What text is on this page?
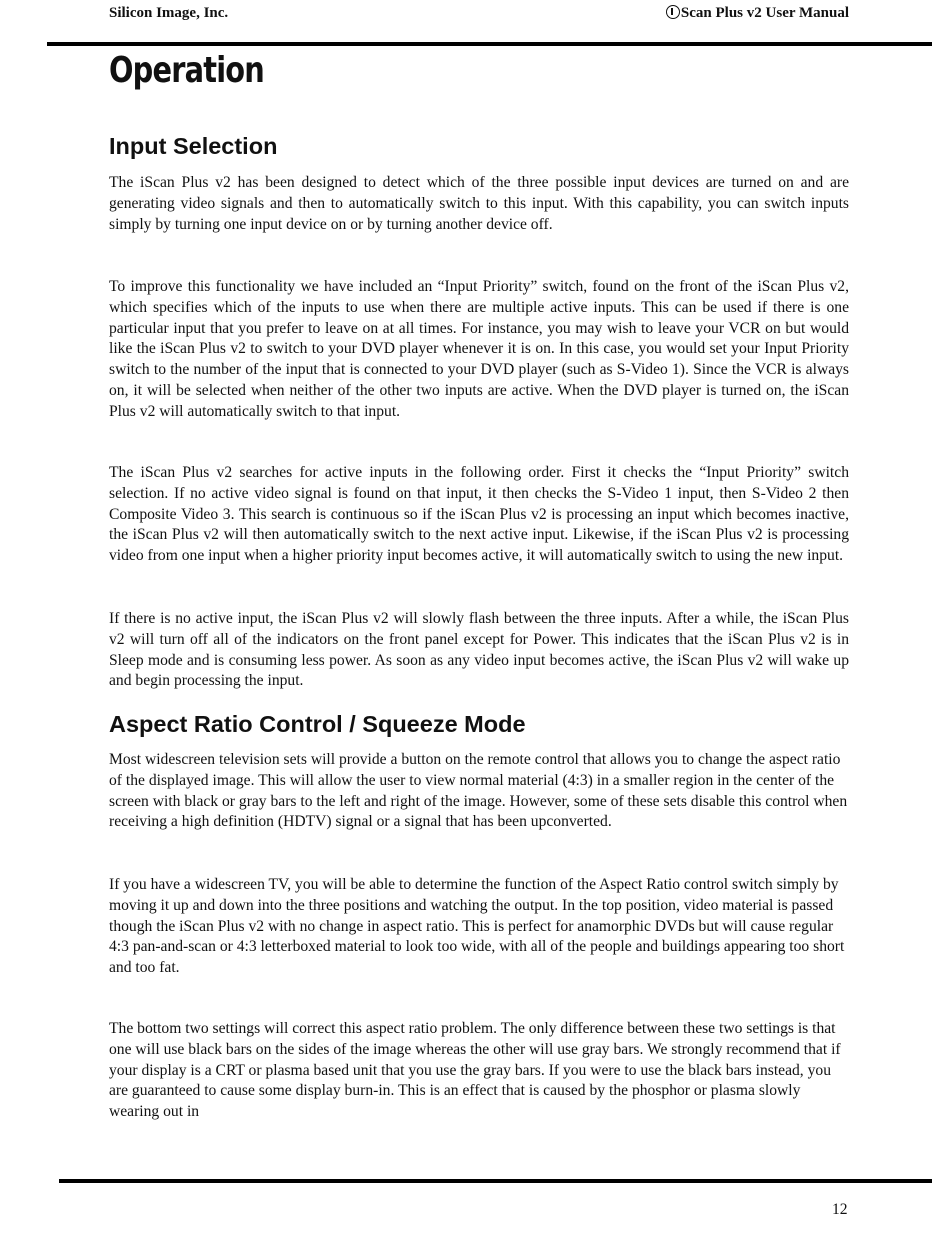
Silicon Image, Inc.	Scan Plus v2 User Manual
Operation
Input Selection

The iScan Plus v2 has been designed to detect which of the three possible input devices are turned on and are generating video signals and then to automatically switch to this input. With this capability, you can switch inputs simply by turning one input device on or by turning another device off.

To improve this functionality we have included an “Input Priority” switch, found on the front of the iScan Plus v2, which specifies which of the inputs to use when there are multiple active inputs. This can be used if there is one particular input that you prefer to leave on at all times. For instance, you may wish to leave your VCR on but would like the iScan Plus v2 to switch to your DVD player whenever it is on. In this case, you would set your Input Priority switch to the number of the input that is connected to your DVD player (such as S-Video 1). Since the VCR is always on, it will be selected when neither of the other two inputs are active. When the DVD player is turned on, the iScan Plus v2 will automatically switch to that input.

The iScan Plus v2 searches for active inputs in the following order. First it checks the “Input Priority” switch selection. If no active video signal is found on that input, it then checks the S-Video 1 input, then S-Video 2 then Composite Video 3. This search is continuous so if the iScan Plus v2 is processing an input which becomes inactive, the iScan Plus v2 will then automatically switch to the next active input. Likewise, if the iScan Plus v2 is processing video from one input when a higher priority input becomes active, it will automatically switch to using the new input.

If there is no active input, the iScan Plus v2 will slowly flash between the three inputs. After a while, the iScan Plus v2 will turn off all of the indicators on the front panel except for Power. This indicates that the iScan Plus v2 is in Sleep mode and is consuming less power. As soon as any video input becomes active, the iScan Plus v2 will wake up and begin processing the input.

Aspect Ratio Control / Squeeze Mode

Most widescreen television sets will provide a button on the remote control that allows you to change the aspect ratio of the displayed image. This will allow the user to view normal material (4:3) in a smaller region in the center of the screen with black or gray bars to the left and right of the image. However, some of these sets disable this control when receiving a high definition (HDTV) signal or a signal that has been upconverted.

If you have a widescreen TV, you will be able to determine the function of the Aspect Ratio control switch simply by moving it up and down into the three positions and watching the output. In the top position, video material is passed though the iScan Plus v2 with no change in aspect ratio. This is perfect for anamorphic DVDs but will cause regular 4:3 pan-and-scan or 4:3 letterboxed material to look too wide, with all of the people and buildings appearing too short and too fat.

The bottom two settings will correct this aspect ratio problem. The only difference between these two settings is that one will use black bars on the sides of the image whereas the other will use gray bars. We strongly recommend that if your display is a CRT or plasma based unit that you use the gray bars. If you were to use the black bars instead, you are guaranteed to cause some display burn-in. This is an effect that is caused by the phosphor or plasma slowly wearing out in

12
